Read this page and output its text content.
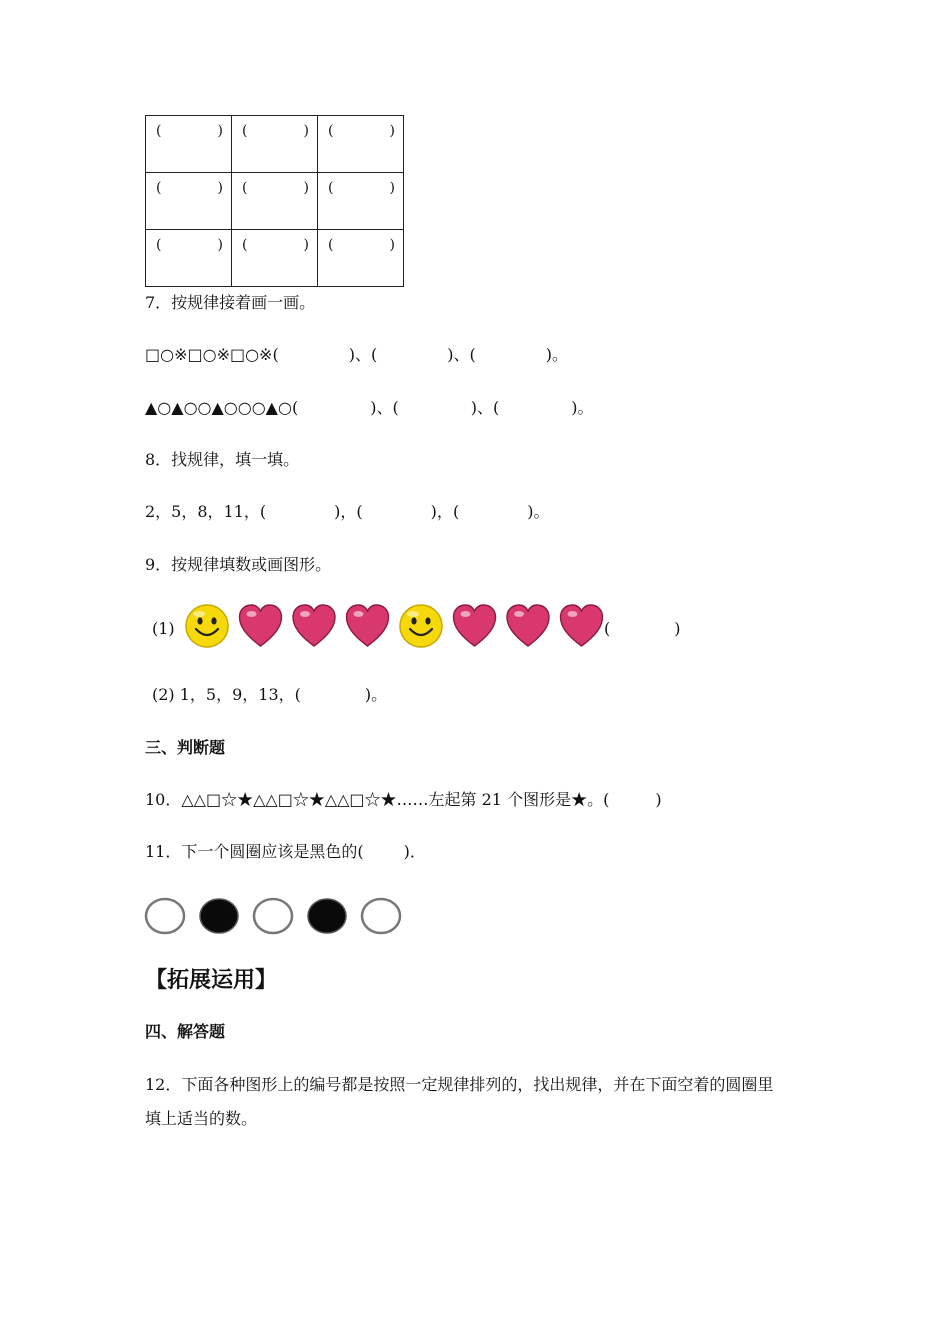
( )	( )	( )

( )	( )	( )

( )	( )	( )
7．按规律接着画一画。
□○※□○※□○※(	)、(	)、(	)。
▲○▲○○▲○○○▲○(	)、(	)、(	)。
8．找规律，填一填。
2，5，8，11，(	)，(	)，(	)。
9．按规律填数或画图形。
(1)	(	)
(2) 1，5，9，13，(	)。
三、判断题
10．△△□☆★△△□☆★△△□☆★……左起第 21 个图形是★。(	)
11．下一个圆圈应该是黑色的(	)．
【拓展运用】
四、解答题
12．下面各种图形上的编号都是按照一定规律排列的，找出规律，并在下面空着的圆圈里
填上适当的数。
